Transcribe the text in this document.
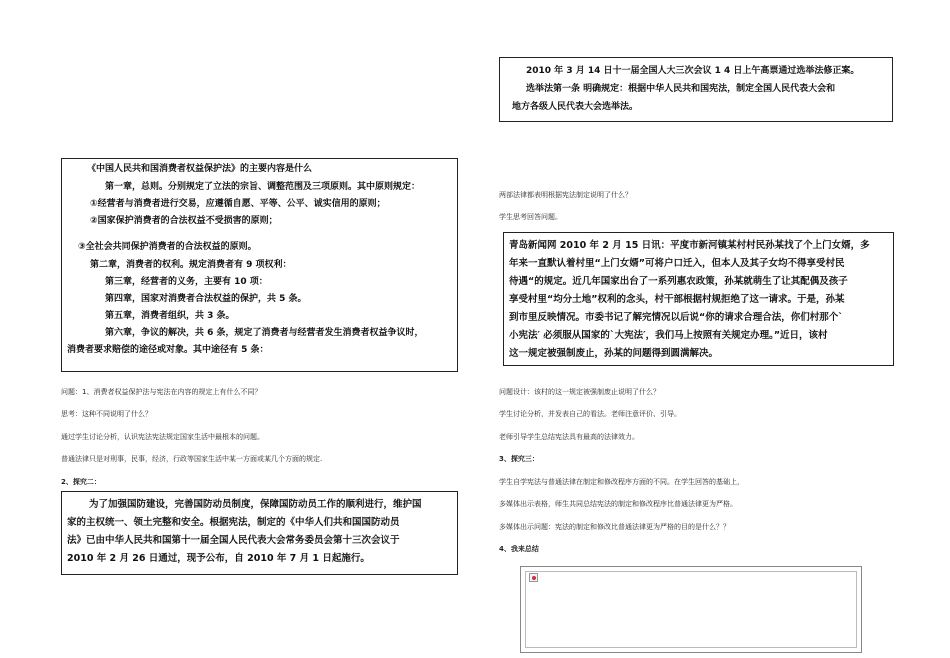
2010 年 3 月 14 日十一届全国人大三次会议 1 4 日上午高票通过选举法修正案。
选举法第一条 明确规定：根据中华人民共和国宪法，制定全国人民代表大会和
地方各级人民代表大会选举法。
《中国人民共和国消费者权益保护法》的主要内容是什么
第一章，总则。分别规定了立法的宗旨、调整范围及三项原则。其中原则规定：
①经营者与消费者进行交易，应遵循自愿、平等、公平、诚实信用的原则；
②国家保护消费者的合法权益不受损害的原则；
③全社会共同保护消费者的合法权益的原则。
第二章，消费者的权利。规定消费者有 9 项权利：
第三章，经营者的义务，主要有 10 项：
第四章，国家对消费者合法权益的保护，共 5 条。
第五章，消费者组织，共 3 条。
第六章，争议的解决，共 6 条，规定了消费者与经营者发生消费者权益争议时，
消费者要求赔偿的途径或对象。其中途径有 5 条：
问题：1、消费者权益保护法与宪法在内容的规定上有什么不同？
思考：这种不同说明了什么？
通过学生讨论分析，认识宪法宪法规定国家生活中最根本的问题。
普通法律只是对刑事，民事，经济，行政等国家生活中某一方面或某几个方面的规定.
2、探究二：
为了加强国防建设，完善国防动员制度，保障国防动员工作的顺利进行，维护国
家的主权统一、领土完整和安全。根据宪法，制定的《中华人们共和国国防动员
法》已由中华人民共和国第十一届全国人民代表大会常务委员会第十三次会议于
2010 年 2 月 26 日通过，现予公布，自 2010 年 7 月 1 日起施行。
两部法律都表明根据宪法制定说明了什么？
学生思考回答问题。
青岛新闻网 2010 年 2 月 15 日讯：平度市新河镇某村村民孙某找了个上门女婿，多
年来一直默认着村里“上门女婿”可将户口迁入，但本人及其子女均不得享受村民
待遇“的规定。近几年国家出台了一系列惠农政策，孙某就萌生了让其配偶及孩子
享受村里“均分土地”权利的念头，村干部根据村规拒绝了这一请求。于是，孙某
到市里反映情况。市委书记了解完情况以后说“你的请求合理合法，你们村那个`
小宪法′ 必须服从国家的`大宪法′，我们马上按照有关规定办理。”近日，该村
这一规定被强制废止，孙某的问题得到圆满解决。
问题设计：该村的这一规定被强制废止说明了什么？
学生讨论分析，并发表自己的看法。老师注意评价、引导。
老师引导学生总结宪法具有最高的法律效力。
3、探究三：
学生自学宪法与普通法律在制定和修改程序方面的不同。在学生回答的基础上，
多媒体出示表格，师生共同总结宪法的制定和修改程序比普通法律更为严格。
多媒体出示问题：宪法的制定和修改比普通法律更为严格的目的是什么？？
4、我来总结
